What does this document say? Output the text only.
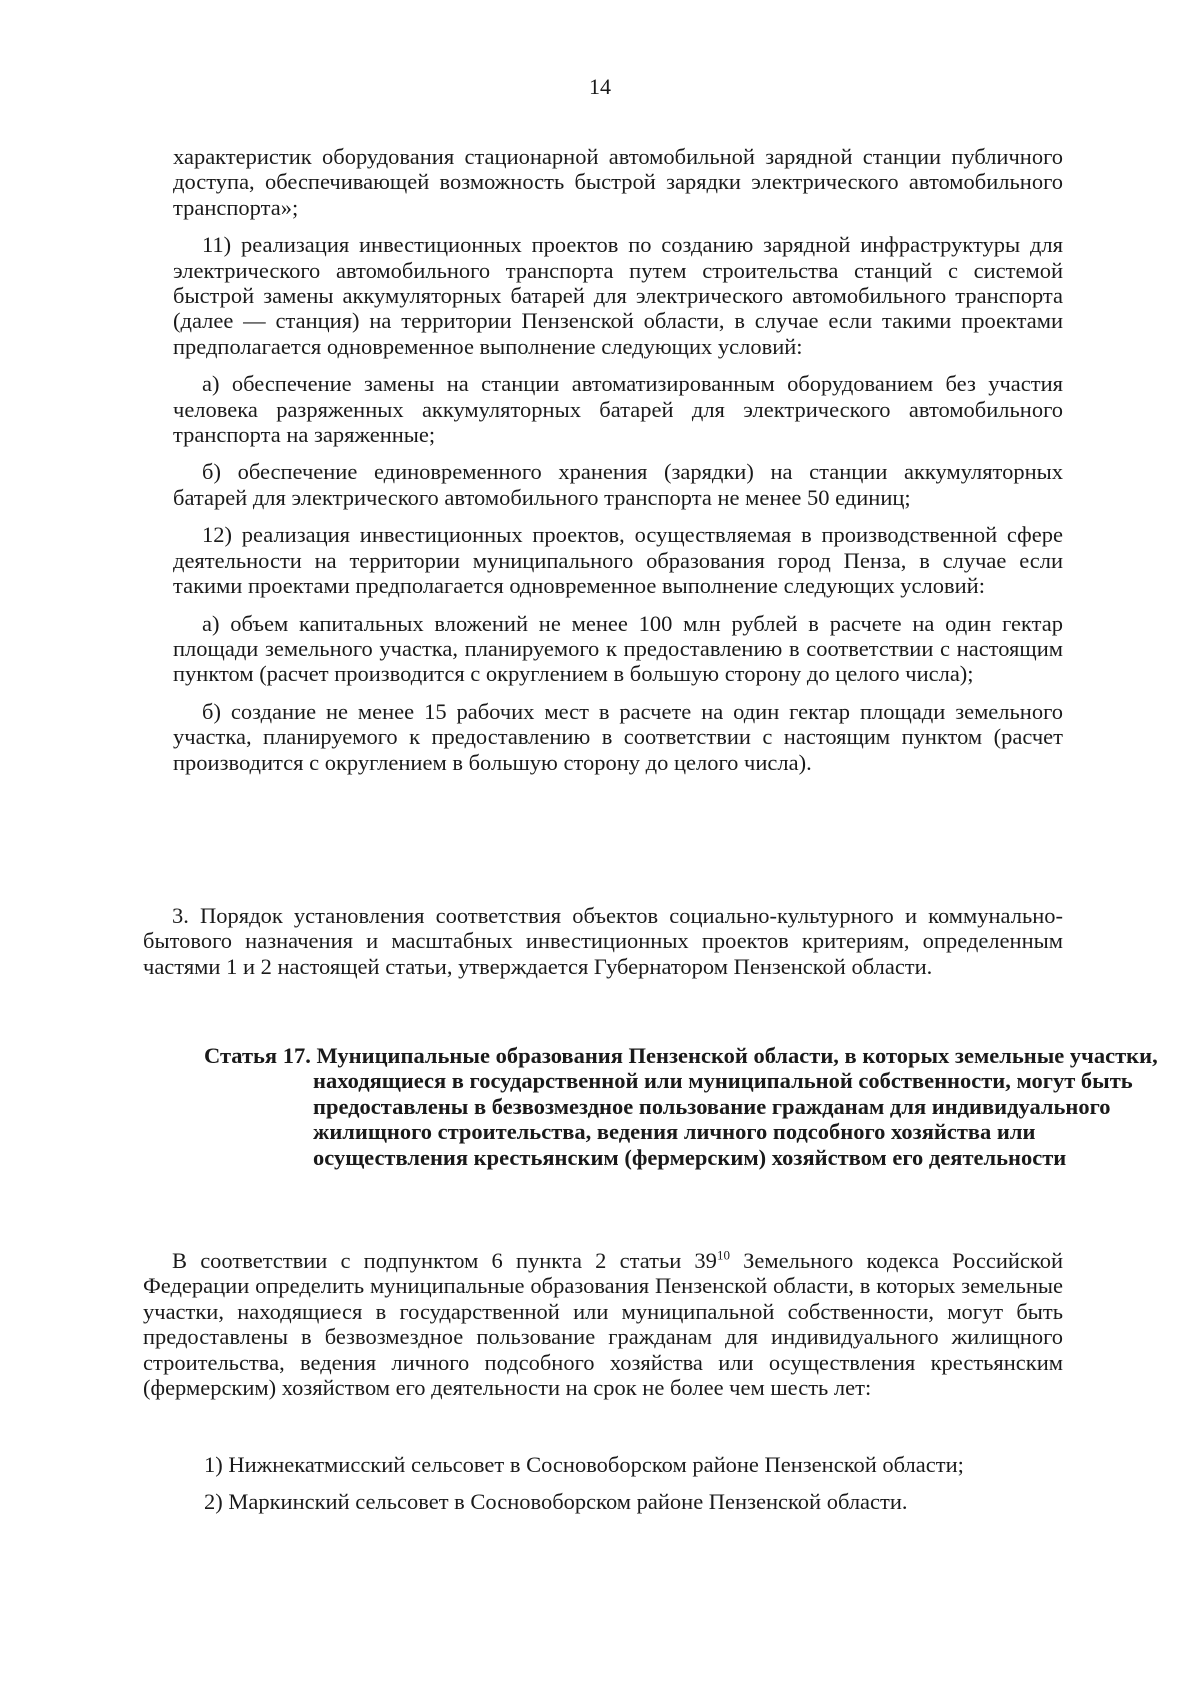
14

характеристик оборудования стационарной автомобильной зарядной станции публичного доступа, обеспечивающей возможность быстрой зарядки электрического автомобильного транспорта»;

11) реализация инвестиционных проектов по созданию зарядной инфраструктуры для электрического автомобильного транспорта путем строительства станций с системой быстрой замены аккумуляторных батарей для электрического автомобильного транспорта (далее — станция) на территории Пензенской области, в случае если такими проектами предполагается одновременное выполнение следующих условий:

а) обеспечение замены на станции автоматизированным оборудованием без участия человека разряженных аккумуляторных батарей для электрического автомобильного транспорта на заряженные;

б) обеспечение единовременного хранения (зарядки) на станции аккумуляторных батарей для электрического автомобильного транспорта не менее 50 единиц;

12) реализация инвестиционных проектов, осуществляемая в производственной сфере деятельности на территории муниципального образования город Пенза, в случае если такими проектами предполагается одновременное выполнение следующих условий:

а) объем капитальных вложений не менее 100 млн рублей в расчете на один гектар площади земельного участка, планируемого к предоставлению в соответствии с настоящим пунктом (расчет производится с округлением в большую сторону до целого числа);

б) создание не менее 15 рабочих мест в расчете на один гектар площади земельного участка, планируемого к предоставлению в соответствии с настоящим пунктом (расчет производится с округлением в большую сторону до целого числа).

3. Порядок установления соответствия объектов социально-культурного и коммунально-бытового назначения и масштабных инвестиционных проектов критериям, определенным частями 1 и 2 настоящей статьи, утверждается Губернатором Пензенской области.

Статья 17. Муниципальные образования Пензенской области, в которых земельные участки, находящиеся в государственной или муниципальной собственности, могут быть предоставлены в безвозмездное пользование гражданам для индивидуального жилищного строительства, ведения личного подсобного хозяйства или осуществления крестьянским (фермерским) хозяйством его деятельности

В соответствии с подпунктом 6 пункта 2 статьи $39^{10}$ Земельного кодекса Российской Федерации определить муниципальные образования Пензенской области, в которых земельные участки, находящиеся в государственной или муниципальной собственности, могут быть предоставлены в безвозмездное пользование гражданам для индивидуального жилищного строительства, ведения личного подсобного хозяйства или осуществления крестьянским (фермерским) хозяйством его деятельности на срок не более чем шесть лет:

1) Нижнекатмисский сельсовет в Сосновоборском районе Пензенской области;
2) Маркинский сельсовет в Сосновоборском районе Пензенской области.
